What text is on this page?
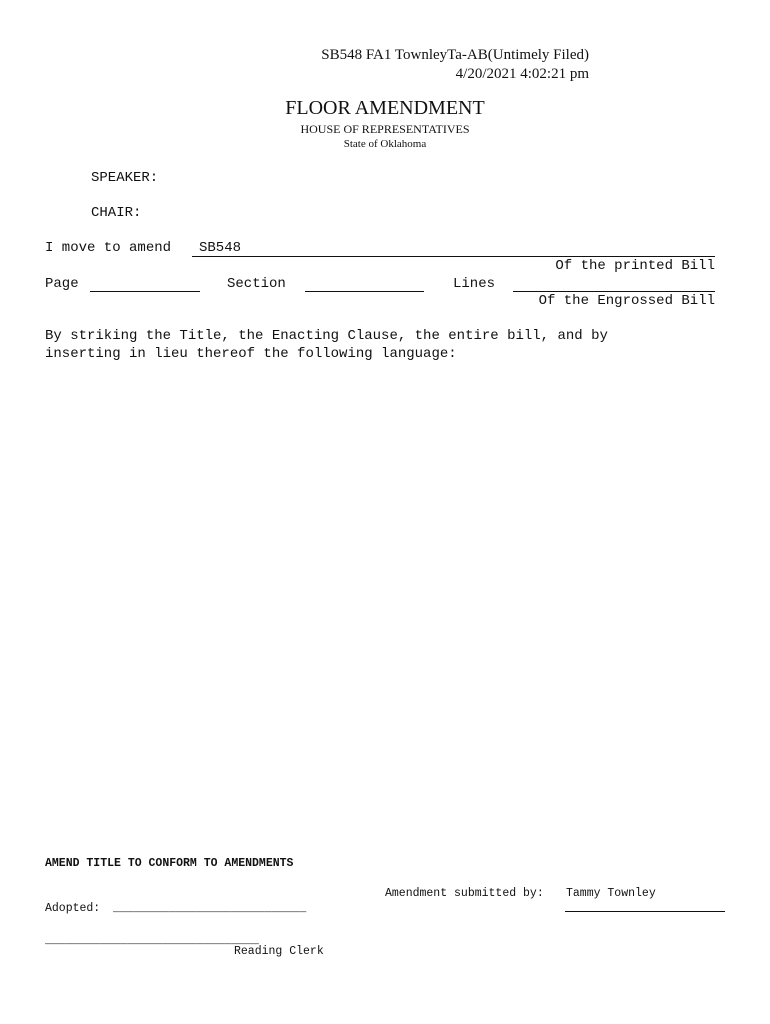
SB548 FA1 TownleyTa-AB(Untimely Filed)
4/20/2021 4:02:21 pm
FLOOR AMENDMENT
HOUSE OF REPRESENTATIVES
State of Oklahoma
SPEAKER:
CHAIR:
I move to amend SB548
Of the printed Bill
Page	Section	Lines
Of the Engrossed Bill
By striking the Title, the Enacting Clause, the entire bill, and by
inserting in lieu thereof the following language:
AMEND TITLE TO CONFORM TO AMENDMENTS
Amendment submitted by: Tammy Townley
Adopted: ____________________________
_______________________________
Reading Clerk
